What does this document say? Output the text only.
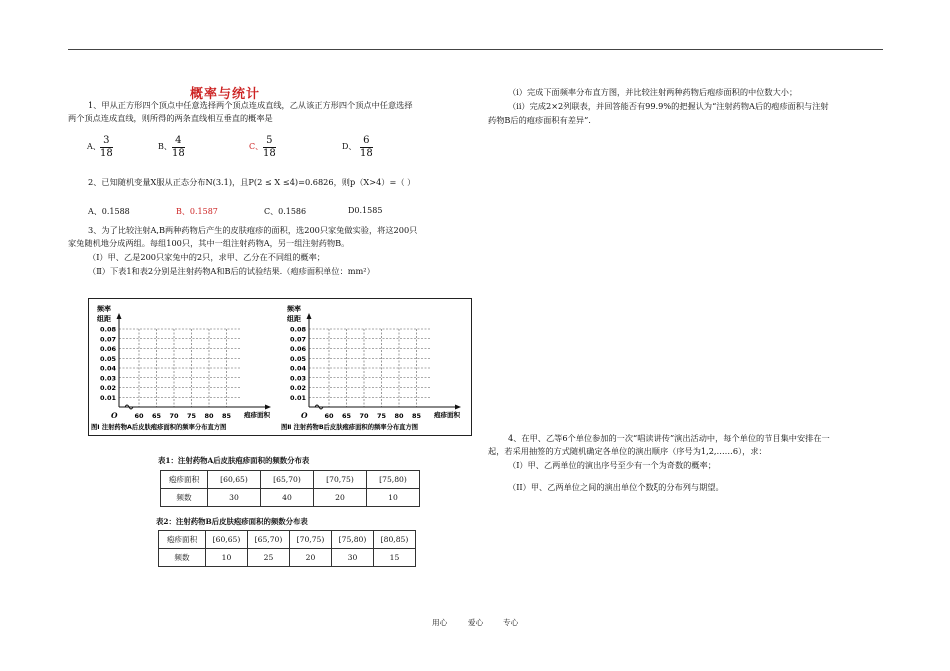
概率与统计
1、甲从正方形四个顶点中任意选择两个顶点连成直线，乙从该正方形四个顶点中任意选择
两个顶点连成直线，则所得的两条直线相互垂直的概率是
A、 $\frac{3}{18}$	B、 $\frac{4}{18}$	C、 $\frac{5}{18}$	D、 $\frac{6}{18}$
2、已知随机变量X服从正态分布N(3.1)，且P(2 ≤ X ≤4)=0.6826，则p（X>4）=（ ）
A、0.1588	B、0.1587	C、0.1586	D0.1585
3、为了比较注射A,B两种药物后产生的皮肤疱疹的面积，选200只家兔做实验，将这200只
家兔随机地分成两组。每组100只，其中一组注射药物A，另一组注射药物B。
（Ⅰ）甲、乙是200只家兔中的2只，求甲、乙分在不同组的概率；
（Ⅱ）下表1和表2分别是注射药物A和B后的试验结果.（疱疹面积单位：mm²）
频率
组距
0.01
0.02
0.03
0.04
0.05
0.06
0.07
0.08
60 65 70 75 80 85
O	疱疹面积
图Ⅰ 注射药物A后皮肤疱疹面积的频率分布直方图
频率
组距
0.01
0.02
0.03
0.04
0.05
0.06
0.07
0.08
60 65 70 75 80 85
O	疱疹面积
图Ⅱ 注射药物B后皮肤疱疹面积的频率分布直方图
表1：注射药物A后皮肤疱疹面积的频数分布表
疱疹面积	[60,65)	[65,70)	[70,75)	[75,80)
频数	30	40	20	10
表2：注射药物B后皮肤疱疹面积的频数分布表
疱疹面积	[60,65)	[65,70)	[70,75)	[75,80)	[80,85)
频数	10	25	20	30	15
（ⅰ）完成下面频率分布直方图，并比较注射两种药物后疱疹面积的中位数大小；
（ⅱ）完成2×2列联表，并回答能否有99.9%的把握认为“注射药物A后的疱疹面积与注射
药物B后的疱疹面积有差异”.
4、在甲、乙等6个单位参加的一次“唱读讲传”演出活动中，每个单位的节目集中安排在一
起，若采用抽签的方式随机确定各单位的演出顺序（序号为1,2,……6），求：
（I）甲、乙两单位的演出序号至少有一个为奇数的概率；
（II）甲、乙两单位之间的演出单位个数ξ的分布列与期望。
用心	爱心	专心
